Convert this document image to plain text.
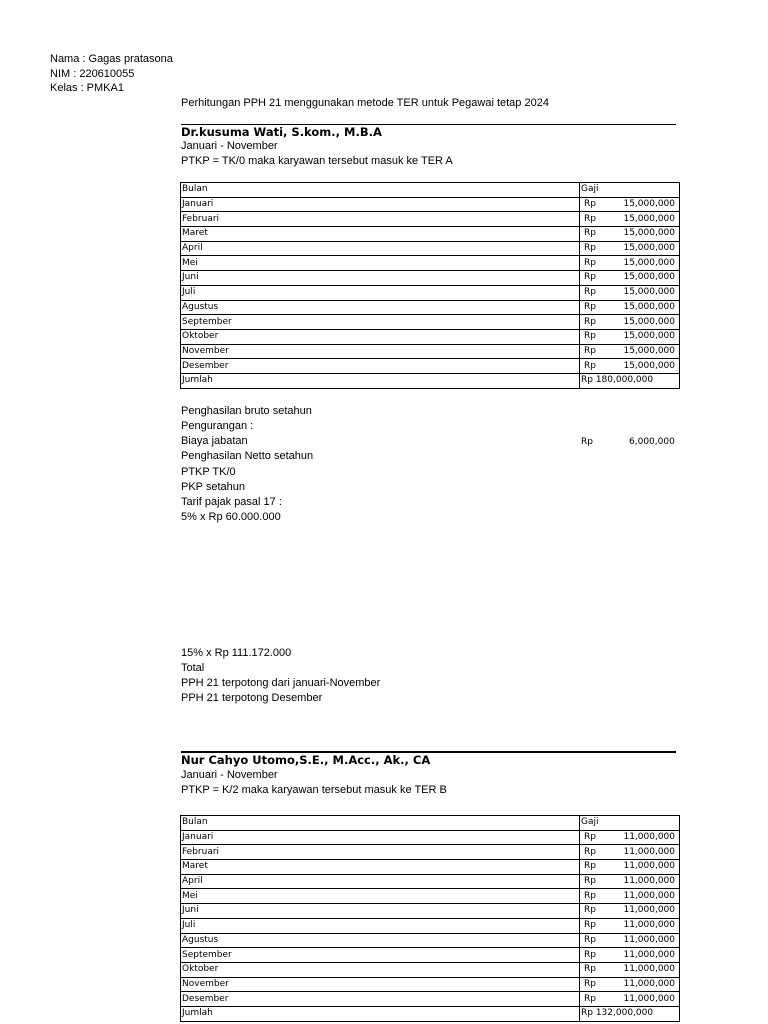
Nama : Gagas pratasona
NIM : 220610055
Kelas : PMKA1
Perhitungan PPH 21 menggunakan metode TER untuk Pegawai tetap 2024
Dr.kusuma Wati, S.kom., M.B.A
Januari - November
PTKP = TK/0 maka karyawan tersebut masuk ke TER A
Bulan	Gaji
Januari	Rp 15,000,000

Februari	Rp 15,000,000

Maret	Rp 15,000,000

April	Rp 15,000,000

Mei	Rp 15,000,000

Juni	Rp 15,000,000

Juli	Rp 15,000,000

Agustus	Rp 15,000,000

September	Rp 15,000,000

Oktober	Rp 15,000,000

November	Rp 15,000,000

Desember	Rp 15,000,000

Jumlah	Rp 180,000,000
Penghasilan bruto setahun
Pengurangan :
Biaya jabatan	Rp	6,000,000
Penghasilan Netto setahun
PTKP TK/0
PKP setahun
Tarif pajak pasal 17 :
5% x Rp 60.000.000
15% x Rp 111.172.000
Total
PPH 21 terpotong dari januari-November
PPH 21 terpotong Desember
Nur Cahyo Utomo,S.E., M.Acc., Ak., CA
Januari - November
PTKP = K/2 maka karyawan tersebut masuk ke TER B
Bulan	Gaji
Januari	Rp 11,000,000

Februari	Rp 11,000,000

Maret	Rp 11,000,000

April	Rp 11,000,000

Mei	Rp 11,000,000

Juni	Rp 11,000,000

Juli	Rp 11,000,000

Agustus	Rp 11,000,000

September	Rp 11,000,000

Oktober	Rp 11,000,000

November	Rp 11,000,000

Desember	Rp 11,000,000

Jumlah	Rp 132,000,000
